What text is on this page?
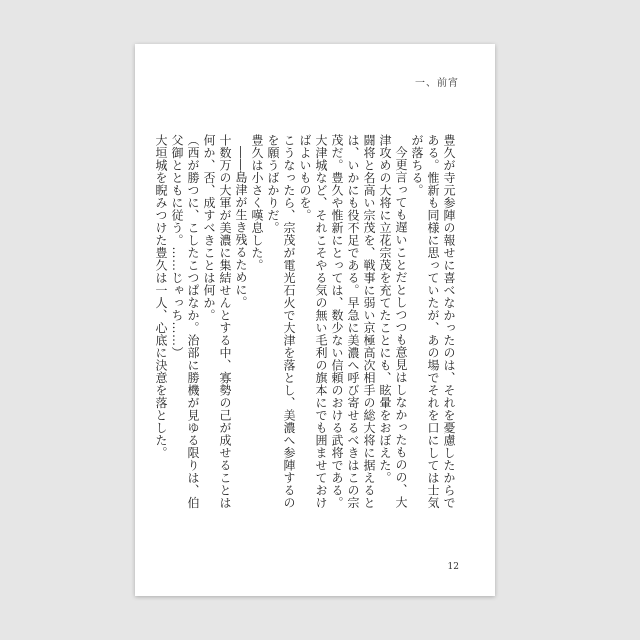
一、前宵

豊久が寺元参陣の報せに喜べなかったのは、それを憂慮したからである。惟新も同様に思っていたが、あの場でそれを口にしては士気が落ちる。

今更言っても遅いことだとしつつも意見はしなかったものの、大津攻めの大将に立花宗茂を充てたことにも、眩暈をおぼえた。

闘将と名高い宗茂を、戦事に弱い京極高次相手の総大将に据えるとは、いかにも役不足である。早急に美濃へ呼び寄せるべきはこの宗茂だ。豊久や惟新にとっては、数少ない信頼のおける武将である。大津城など、それこそやる気の無い毛利の旗本にでも囲ませておけばよいものを。

こうなったら、宗茂が電光石火で大津を落とし、美濃へ参陣するのを願うばかりだ。

豊久は小さく嘆息した。

――島津が生き残るために。

十数万の大軍が美濃に集結せんとする中、寡勢の己が成せることは何か、否、成すべきことは何か。

（西が勝つに、こしたこつぱなか。治部に勝機が見ゆる限りは、伯父御とともに従う。……じゃっち……）

大垣城を睨みつけた豊久は一人、心底に決意を落とした。

12
